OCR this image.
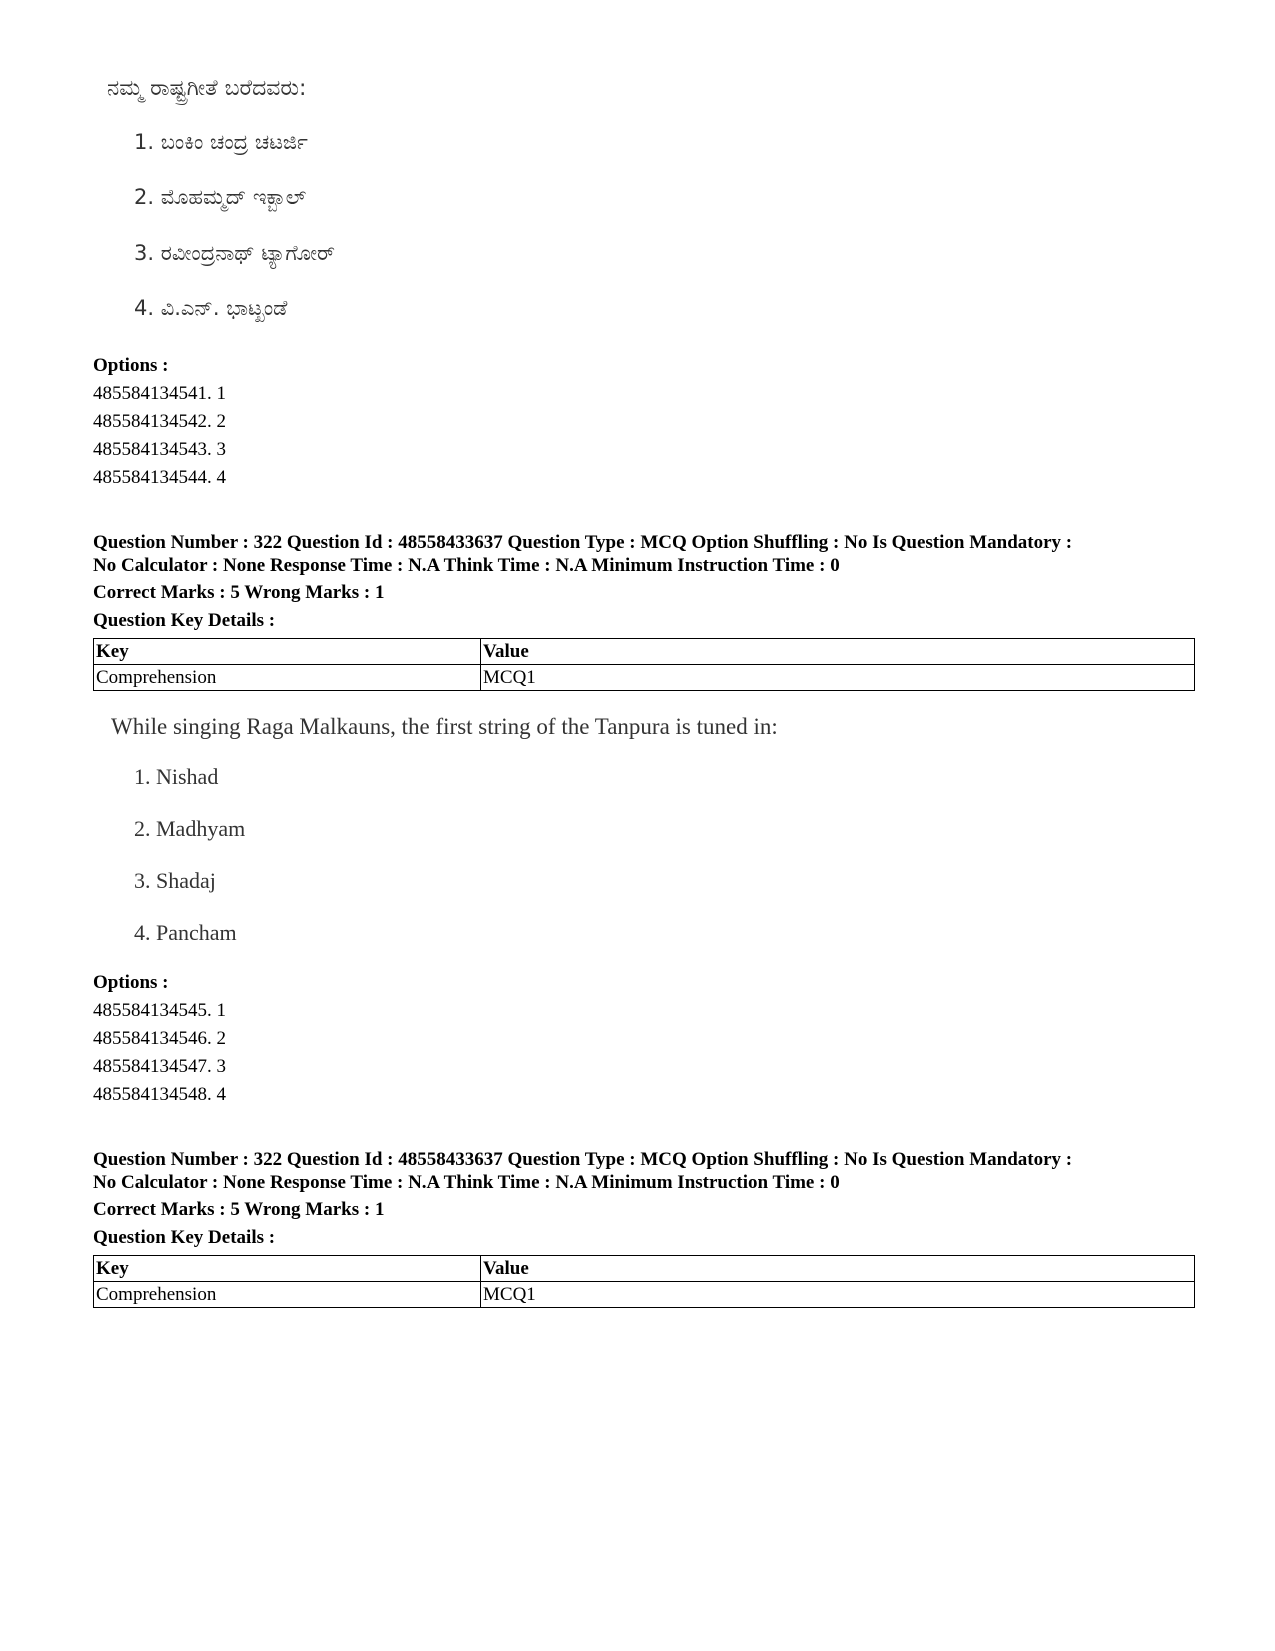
ನಮ್ಮ ರಾಷ್ಟ್ರಗೀತೆ ಬರೆದವರು:
1. ಬಂಕಿಂ ಚಂದ್ರ ಚಟರ್ಜಿ
2. ಮೊಹಮ್ಮದ್ ಇಕ್ಬಾಲ್
3. ರವೀಂದ್ರನಾಥ್ ಟ್ಯಾಗೋರ್
4. ವಿ.ಎನ್. ಭಾಟ್ಖಂಡೆ
Options :
485584134541. 1
485584134542. 2
485584134543. 3
485584134544. 4
Question Number : 322 Question Id : 48558433637 Question Type : MCQ Option Shuffling : No Is Question Mandatory :
No Calculator : None Response Time : N.A Think Time : N.A Minimum Instruction Time : 0
Correct Marks : 5 Wrong Marks : 1
Question Key Details :
Key	Value
Comprehension	MCQ1
While singing Raga Malkauns, the first string of the Tanpura is tuned in:
1. Nishad
2. Madhyam
3. Shadaj
4. Pancham
Options :
485584134545. 1
485584134546. 2
485584134547. 3
485584134548. 4
Question Number : 322 Question Id : 48558433637 Question Type : MCQ Option Shuffling : No Is Question Mandatory :
No Calculator : None Response Time : N.A Think Time : N.A Minimum Instruction Time : 0
Correct Marks : 5 Wrong Marks : 1
Question Key Details :
Key	Value
Comprehension	MCQ1
